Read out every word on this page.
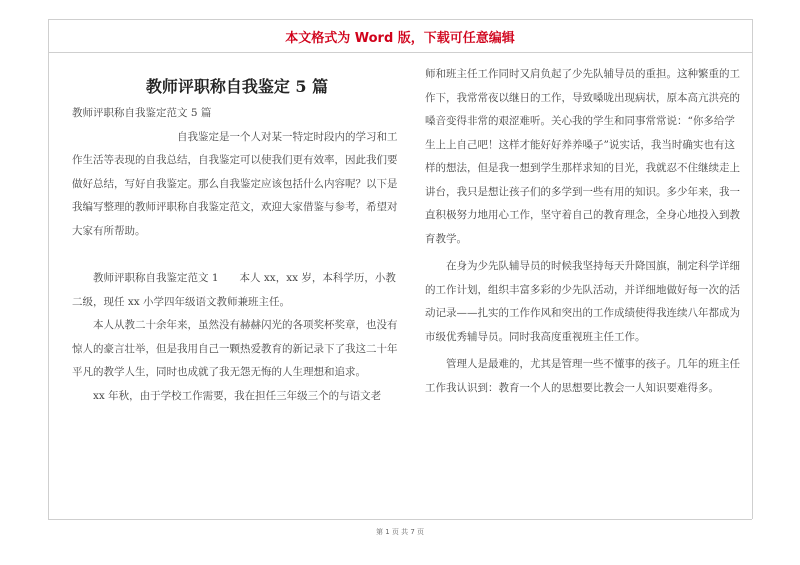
本文格式为 Word 版，下载可任意编辑

教师评职称自我鉴定 5 篇

教师评职称自我鉴定范文 5 篇

自我鉴定是一个人对某一特定时段内的学习和工作生活等表现的自我总结，自我鉴定可以使我们更有效率，因此我们要做好总结，写好自我鉴定。那么自我鉴定应该包括什么内容呢？以下是我编写整理的教师评职称自我鉴定范文，欢迎大家借鉴与参考，希望对大家有所帮助。

教师评职称自我鉴定范文 1　　本人 xx，xx 岁，本科学历，小教二级，现任 xx 小学四年级语文教师兼班主任。

本人从教二十余年来，虽然没有赫赫闪光的各项奖杯奖章，也没有惊人的豪言壮举，但是我用自己一颗热爱教育的新记录下了我这二十年平凡的教学人生，同时也成就了我无怨无悔的人生理想和追求。

xx 年秋，由于学校工作需要，我在担任三年级三个的与语文老

师和班主任工作同时又肩负起了少先队辅导员的重担。这种繁重的工作下，我常常夜以继日的工作，导致嗓咙出现病状，原本高亢洪亮的嗓音变得非常的艰涩难听。关心我的学生和同事常常说：“你多给学生上上自己吧！这样才能好好养养嗓子”说实话，我当时确实也有这样的想法，但是我一想到学生那样求知的目光，我就忍不住继续走上讲台，我只是想让孩子们的多学到一些有用的知识。多少年来，我一直积极努力地用心工作，坚守着自己的教育理念，全身心地投入到教育教学。

在身为少先队辅导员的时候我坚持每天升降国旗，制定科学详细的工作计划，组织丰富多彩的少先队活动，并详细地做好每一次的活动记录——扎实的工作作风和突出的工作成绩使得我连续八年都成为市级优秀辅导员。同时我高度重视班主任工作。

管理人是最难的，尤其是管理一些不懂事的孩子。几年的班主任工作我认识到：教育一个人的思想要比教会一人知识要难得多。

第 1 页 共 7 页
